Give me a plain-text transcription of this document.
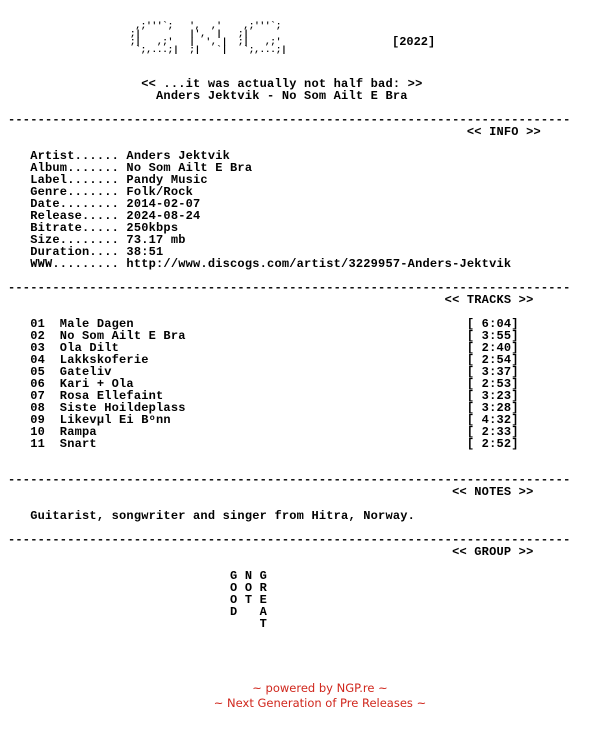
,;'''`;   ',  ,'    ,;'''`;
;|         |',  |   ;|
;|   ,;'   |  ', |  ;|   ,;'
`;,...;|  ;|   `|   `;,...;|

[2022]

<< ...it was actually not half bad: >>
Anders Jektvik - No Som Ailt E Bra

----------------------------------------------------------------------------
<< INFO >>

Artist...... Anders Jektvik
Album....... No Som Ailt E Bra
Label....... Pandy Music
Genre....... Folk/Rock
Date........ 2014-02-07
Release..... 2024-08-24
Bitrate..... 250kbps
Size........ 73.17 mb
Duration.... 38:51
WWW......... http://www.discogs.com/artist/3229957-Anders-Jektvik

----------------------------------------------------------------------------
<< TRACKS >>

01  Male Dagen                                             [ 6:04]
02  No Som Ailt E Bra                                      [ 3:55]
03  Ola Dilt                                               [ 2:40]
04  Lakkskoferie                                           [ 2:54]
05  Gateliv                                                [ 3:37]
06  Kari + Ola                                             [ 2:53]
07  Rosa Ellefaint                                         [ 3:23]
08  Siste Hoildeplass                                      [ 3:28]
09  Likevµl Ei Bᵒnn                                        [ 4:32]
10  Rampa                                                  [ 2:33]
11  Snart                                                  [ 2:52]

----------------------------------------------------------------------------
<< NOTES >>

Guitarist, songwriter and singer from Hitra, Norway.

----------------------------------------------------------------------------
<< GROUP >>

G N G
O O R
O T E
D   A
T

~ powered by NGP.re ~
~ Next Generation of Pre Releases ~
